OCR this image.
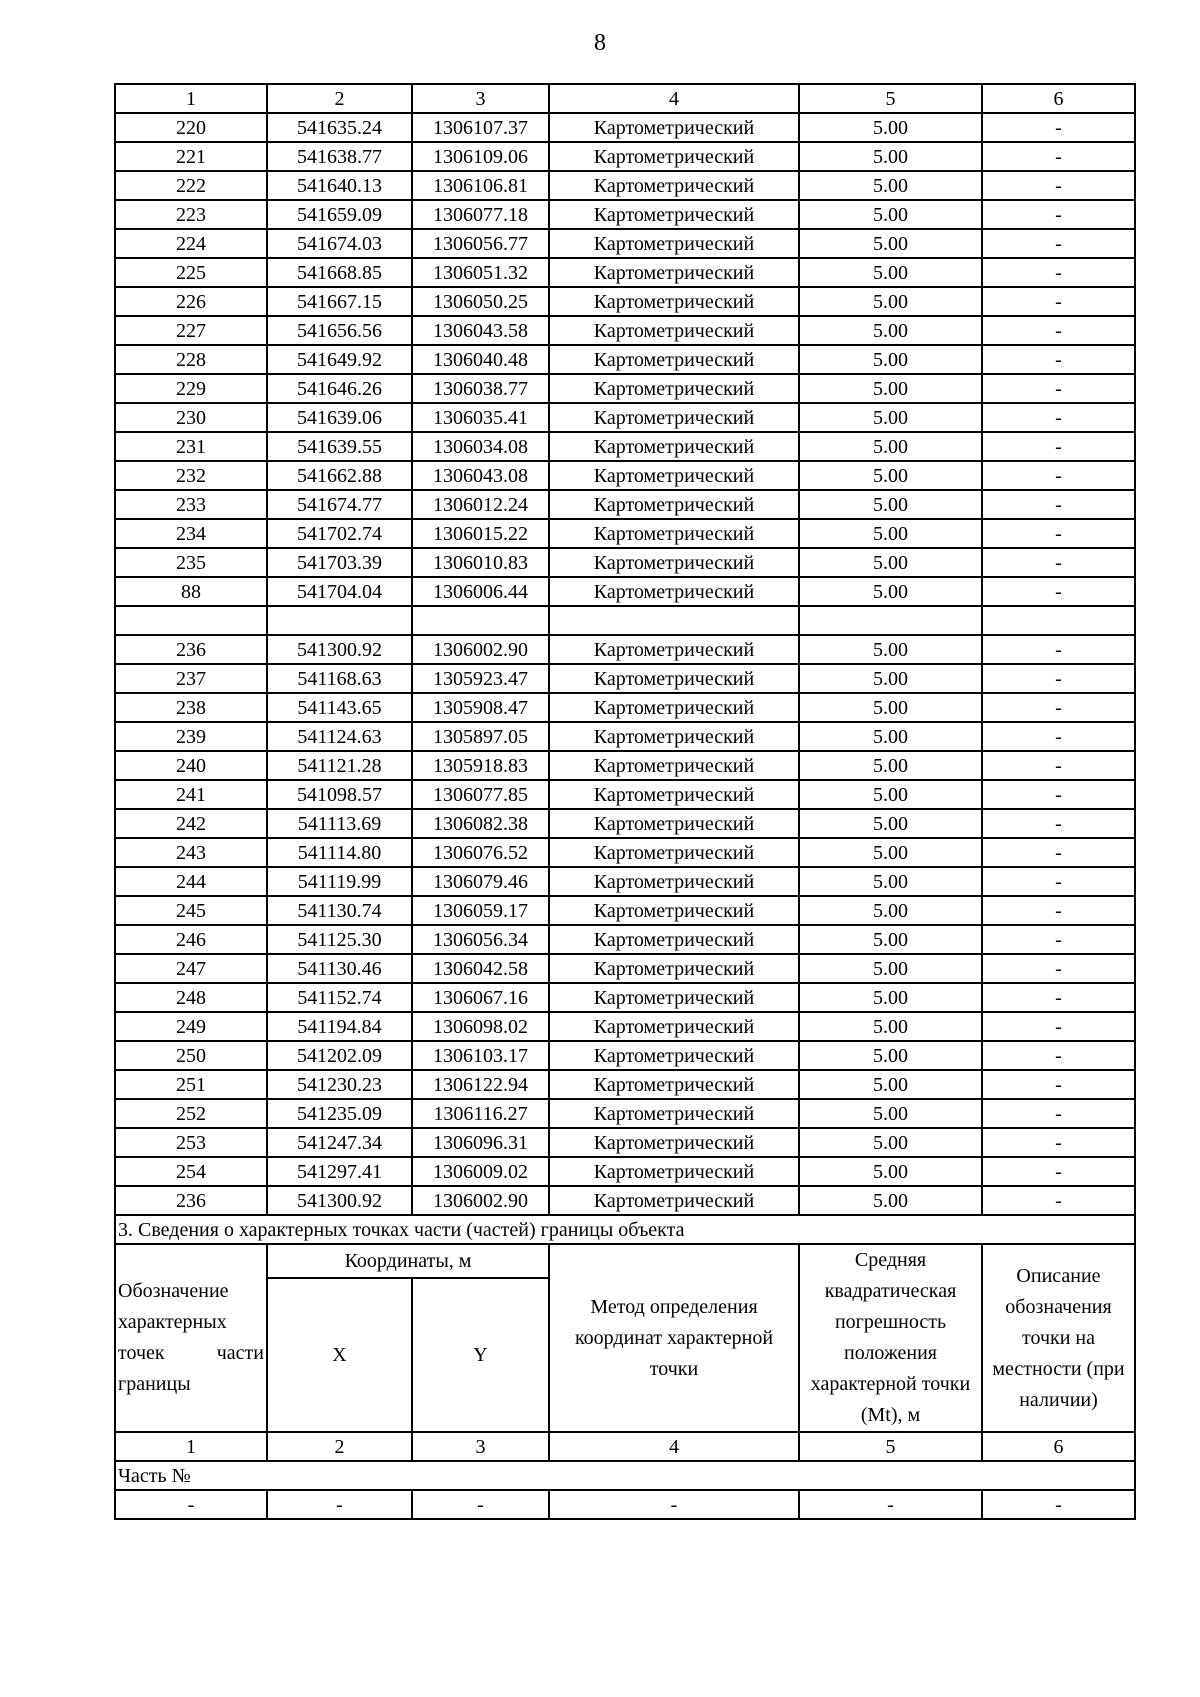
8
1	2	3	4	5	6
220	541635.24	1306107.37	Картометрический	5.00	-
221	541638.77	1306109.06	Картометрический	5.00	-
222	541640.13	1306106.81	Картометрический	5.00	-
223	541659.09	1306077.18	Картометрический	5.00	-
224	541674.03	1306056.77	Картометрический	5.00	-
225	541668.85	1306051.32	Картометрический	5.00	-
226	541667.15	1306050.25	Картометрический	5.00	-
227	541656.56	1306043.58	Картометрический	5.00	-
228	541649.92	1306040.48	Картометрический	5.00	-
229	541646.26	1306038.77	Картометрический	5.00	-
230	541639.06	1306035.41	Картометрический	5.00	-
231	541639.55	1306034.08	Картометрический	5.00	-
232	541662.88	1306043.08	Картометрический	5.00	-
233	541674.77	1306012.24	Картометрический	5.00	-
234	541702.74	1306015.22	Картометрический	5.00	-
235	541703.39	1306010.83	Картометрический	5.00	-
88	541704.04	1306006.44	Картометрический	5.00	-

236	541300.92	1306002.90	Картометрический	5.00	-
237	541168.63	1305923.47	Картометрический	5.00	-
238	541143.65	1305908.47	Картометрический	5.00	-
239	541124.63	1305897.05	Картометрический	5.00	-
240	541121.28	1305918.83	Картометрический	5.00	-
241	541098.57	1306077.85	Картометрический	5.00	-
242	541113.69	1306082.38	Картометрический	5.00	-
243	541114.80	1306076.52	Картометрический	5.00	-
244	541119.99	1306079.46	Картометрический	5.00	-
245	541130.74	1306059.17	Картометрический	5.00	-
246	541125.30	1306056.34	Картометрический	5.00	-
247	541130.46	1306042.58	Картометрический	5.00	-
248	541152.74	1306067.16	Картометрический	5.00	-
249	541194.84	1306098.02	Картометрический	5.00	-
250	541202.09	1306103.17	Картометрический	5.00	-
251	541230.23	1306122.94	Картометрический	5.00	-
252	541235.09	1306116.27	Картометрический	5.00	-
253	541247.34	1306096.31	Картометрический	5.00	-
254	541297.41	1306009.02	Картометрический	5.00	-
236	541300.92	1306002.90	Картометрический	5.00	-
3. Сведения о характерных точках части (частей) границы объекта					
Обозначение характерных точек части границы	Координаты, м		Метод определения координат характерной точки	Средняя квадратическая погрешность положения характерной точки (Mt), м	Описание обозначения точки на местности (при наличии)
	X	Y			
1	2	3	4	5	6
Часть №					
-	-	-	-	-	-
